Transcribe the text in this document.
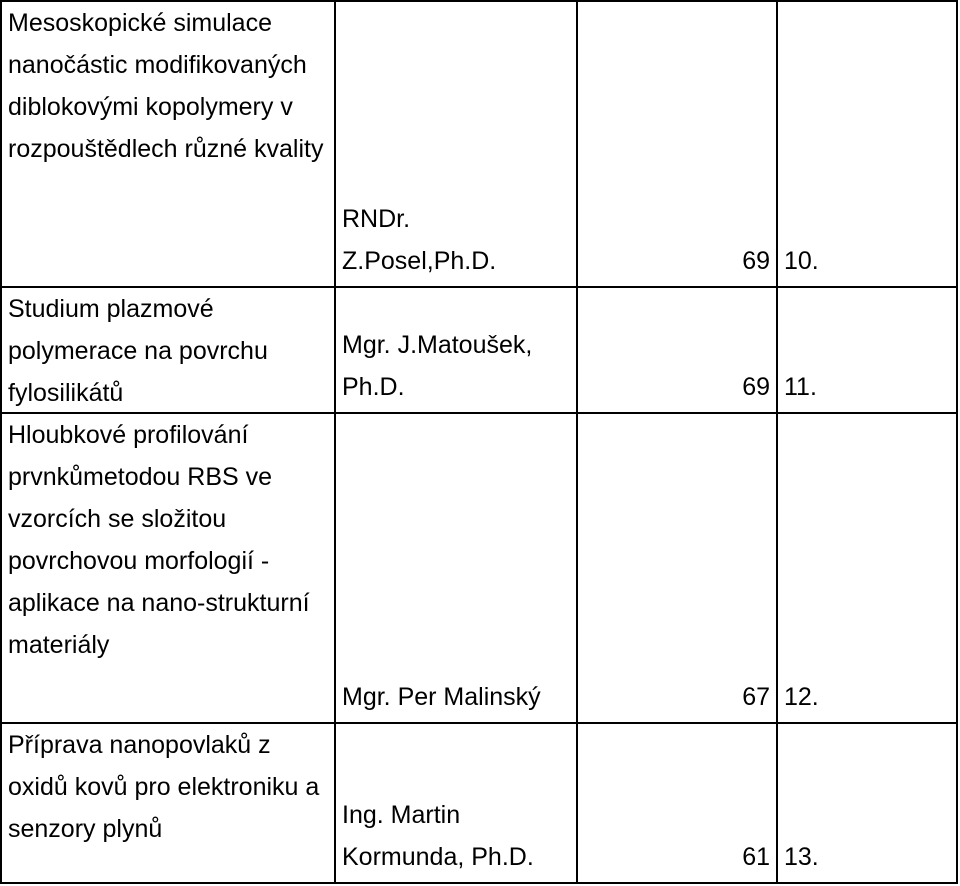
Mesoskopické simulace nanočástic modifikovaných diblokovými kopolymery v rozpouštědlech různé kvality	RNDr. Z.Posel,Ph.D.	69	10.

Studium plazmové polymerace na povrchu fylosilikátů	Mgr. J.Matoušek, Ph.D.	69	11.

Hloubkové profilování prvnkůmetodou RBS ve vzorcích se složitou povrchovou morfologií - aplikace na nano-strukturní materiály	Mgr. Per Malinský	67	12.

Příprava nanopovlaků z oxidů kovů pro elektroniku a senzory plynů	Ing. Martin Kormunda, Ph.D.	61	13.
